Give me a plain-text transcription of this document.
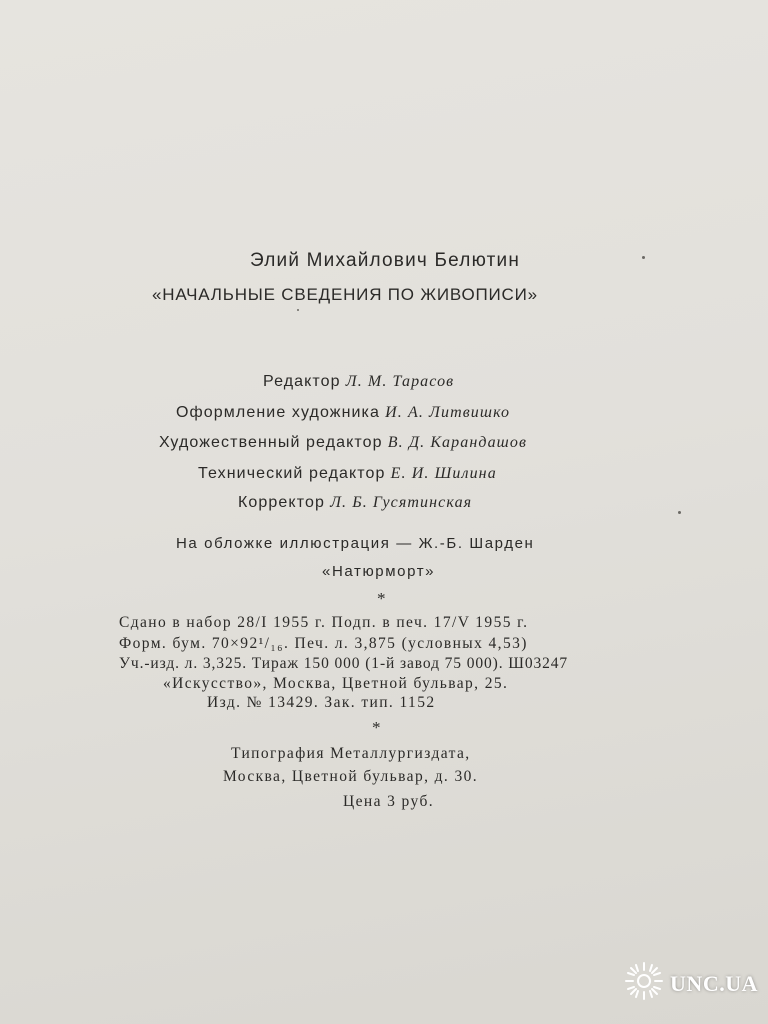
Элий Михайлович Белютин
«НАЧАЛЬНЫЕ СВЕДЕНИЯ ПО ЖИВОПИСИ»
Редактор Л. М. Тарасов
Оформление художника И. А. Литвишко
Художественный редактор В. Д. Карандашов
Технический редактор Е. И. Шилина
Корректор Л. Б. Гусятинская
На обложке иллюстрация — Ж.-Б. Шарден
«Натюрморт»
*
Сдано в набор 28/I 1955 г. Подп. в печ. 17/V 1955 г.
Форм. бум. 70×92¹/₁₆. Печ. л. 3,875 (условных 4,53)
Уч.-изд. л. 3,325. Тираж 150 000 (1-й завод 75 000). Ш03247
«Искусство», Москва, Цветной бульвар, 25.
Изд. № 13429. Зак. тип. 1152
*
Типография Металлургиздата,
Москва, Цветной бульвар, д. 30.
Цена 3 руб.
UNC.UA
